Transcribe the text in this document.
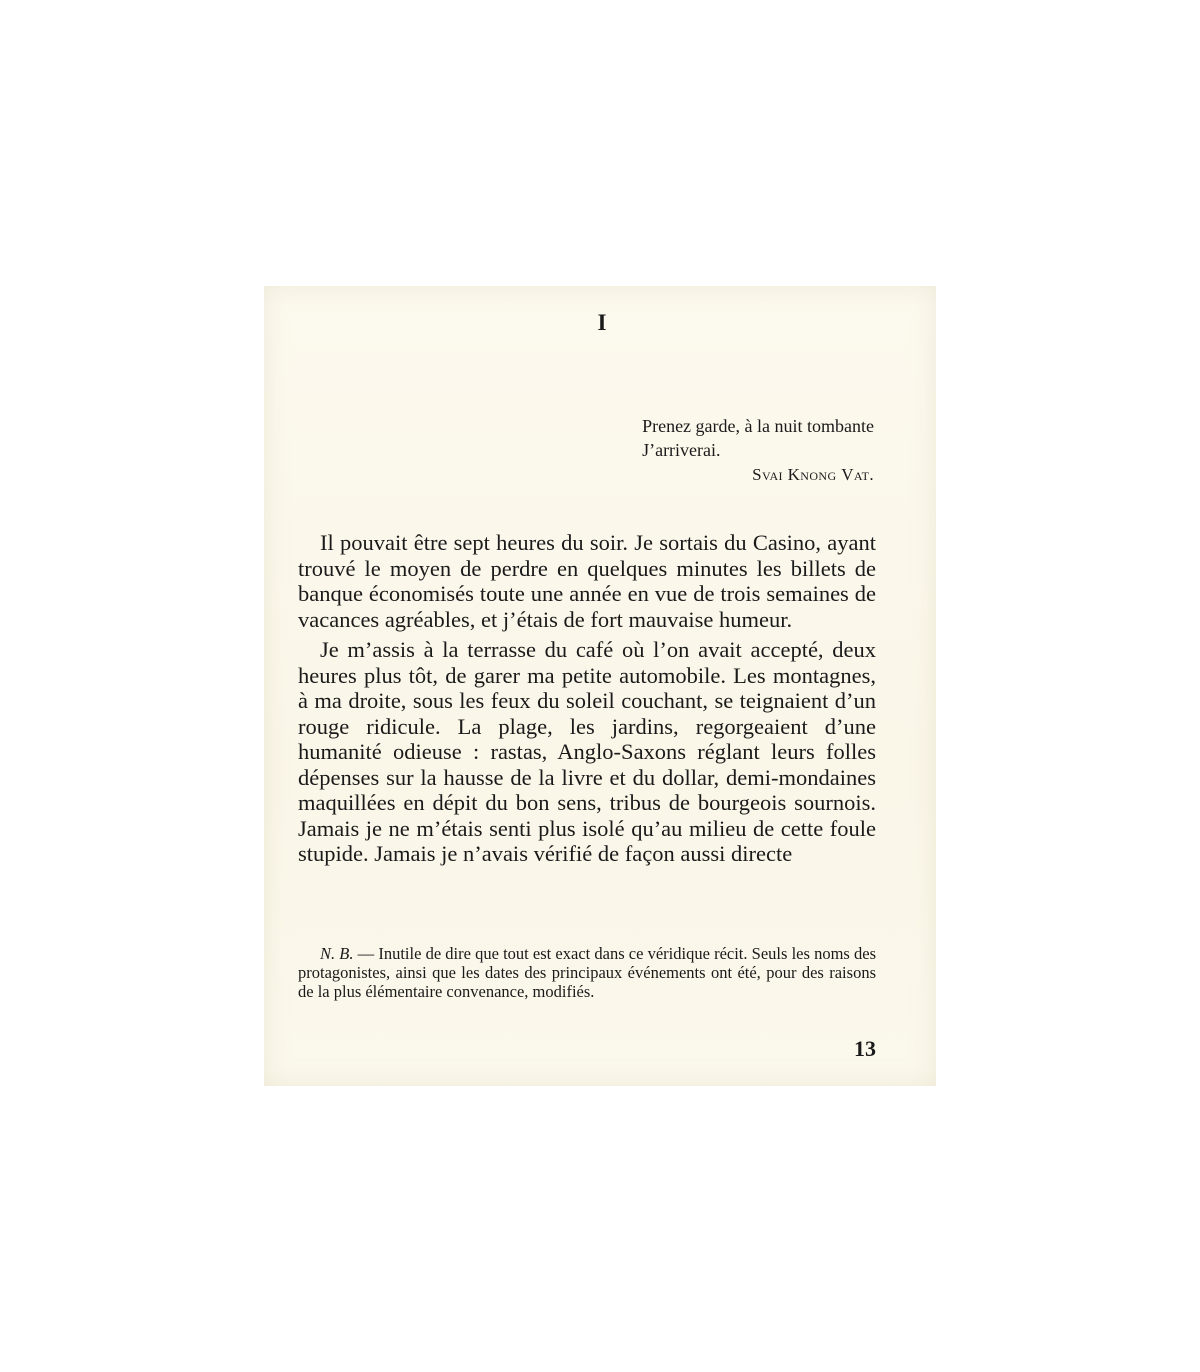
I
Prenez garde, à la nuit tombante
J’arriverai.
Svai Knong Vat.

Il pouvait être sept heures du soir. Je sortais du Casino, ayant trouvé le moyen de perdre en quelques minutes les billets de banque économisés toute une année en vue de trois semaines de vacances agréables, et j’étais de fort mauvaise humeur.

Je m’assis à la terrasse du café où l’on avait accepté, deux heures plus tôt, de garer ma petite automobile. Les montagnes, à ma droite, sous les feux du soleil couchant, se teignaient d’un rouge ridicule. La plage, les jardins, regorgeaient d’une humanité odieuse : rastas, Anglo-Saxons réglant leurs folles dépenses sur la hausse de la livre et du dollar, demi-mondaines maquillées en dépit du bon sens, tribus de bourgeois sournois. Jamais je ne m’étais senti plus isolé qu’au milieu de cette foule stupide. Jamais je n’avais vérifié de façon aussi directe

N. B. — Inutile de dire que tout est exact dans ce véridique récit. Seuls les noms des protagonistes, ainsi que les dates des principaux événements ont été, pour des raisons de la plus élémentaire convenance, modifiés.
13
